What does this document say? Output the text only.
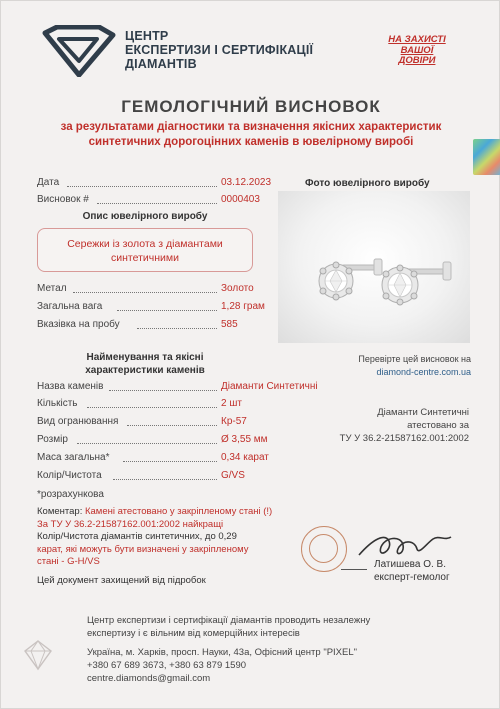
ЦЕНТР
ЕКСПЕРТИЗИ І СЕРТИФІКАЦІЇ
ДІАМАНТІВ
НА ЗАХИСТІ
ВАШОЇ
ДОВІРИ
ГЕМОЛОГІЧНИЙ ВИСНОВОК
за результатами діагностики та визначення якісних характеристик
синтетичних дорогоцінних каменів в ювелірному виробі
Дата	03.12.2023
Висновок #	0000403
Опис ювелірного виробу
Сережки із золота з діамантами
синтетичними
Метал	Золото
Загальна вага	1,28 грам
Вказівка на пробу	585
Найменування та якісні
характеристики каменів
Назва каменів	Діаманти Синтетичні
Кількість	2 шт
Вид огранювання	Кр-57
Розмір	Ø 3,55 мм
Маса загальна*	0,34 карат
Колір/Чистота	G/VS
*розрахункова
Фото ювелірного виробу
Перевірте цей висновок на
diamond-centre.com.ua
Діаманти Синтетичні
атестовано за
ТУ У 36.2-21587162.001:2002
Коментар: Камені атестовано у закріпленому стані (!)
За ТУ У 36.2-21587162.001:2002 найкращі
Колір/Чистота діамантів синтетичних, до 0,29
карат, які можуть бути визначені у закріпленому
стані - G-H/VS
Цей документ захищений від підробок
Латишева О. В.
експерт-гемолог
Центр експертизи і сертифікації діамантів проводить незалежну
експертизу і є вільним від комерційних інтересів
Україна, м. Харків, просп. Науки, 43а, Офісний центр "PIXEL"
+380 67 689 3673, +380 63 879 1590
centre.diamonds@gmail.com
